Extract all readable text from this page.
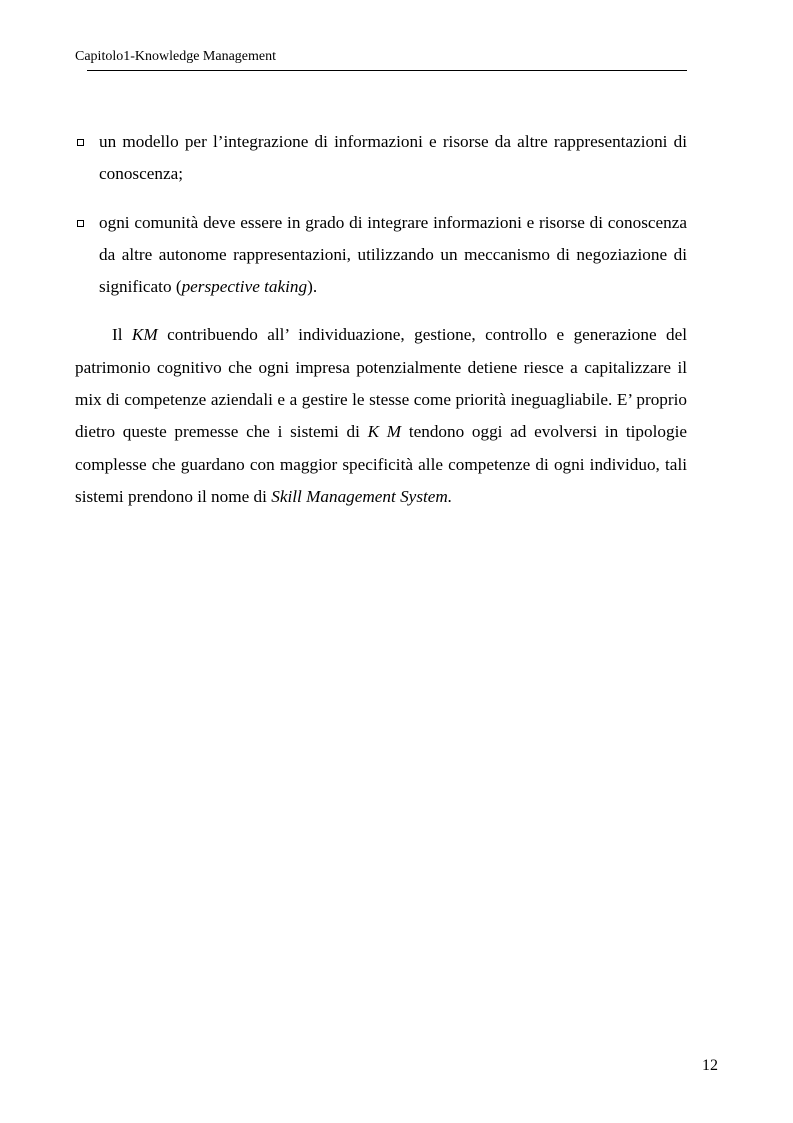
Capitolo1-Knowledge Management
un modello per l’integrazione di informazioni e risorse da altre rappresentazioni di conoscenza;
ogni comunità deve essere in grado di integrare informazioni e risorse di conoscenza da altre autonome rappresentazioni, utilizzando un meccanismo di negoziazione di significato (perspective taking).

Il KM contribuendo all’ individuazione, gestione, controllo e generazione del patrimonio cognitivo che ogni impresa potenzialmente detiene riesce a capitalizzare il mix di competenze aziendali e a gestire le stesse come priorità ineguagliabile. E’ proprio dietro queste premesse che i sistemi di K M tendono oggi ad evolversi in tipologie complesse che guardano con maggior specificità alle competenze di ogni individuo, tali sistemi prendono il nome di Skill Management System.

12
